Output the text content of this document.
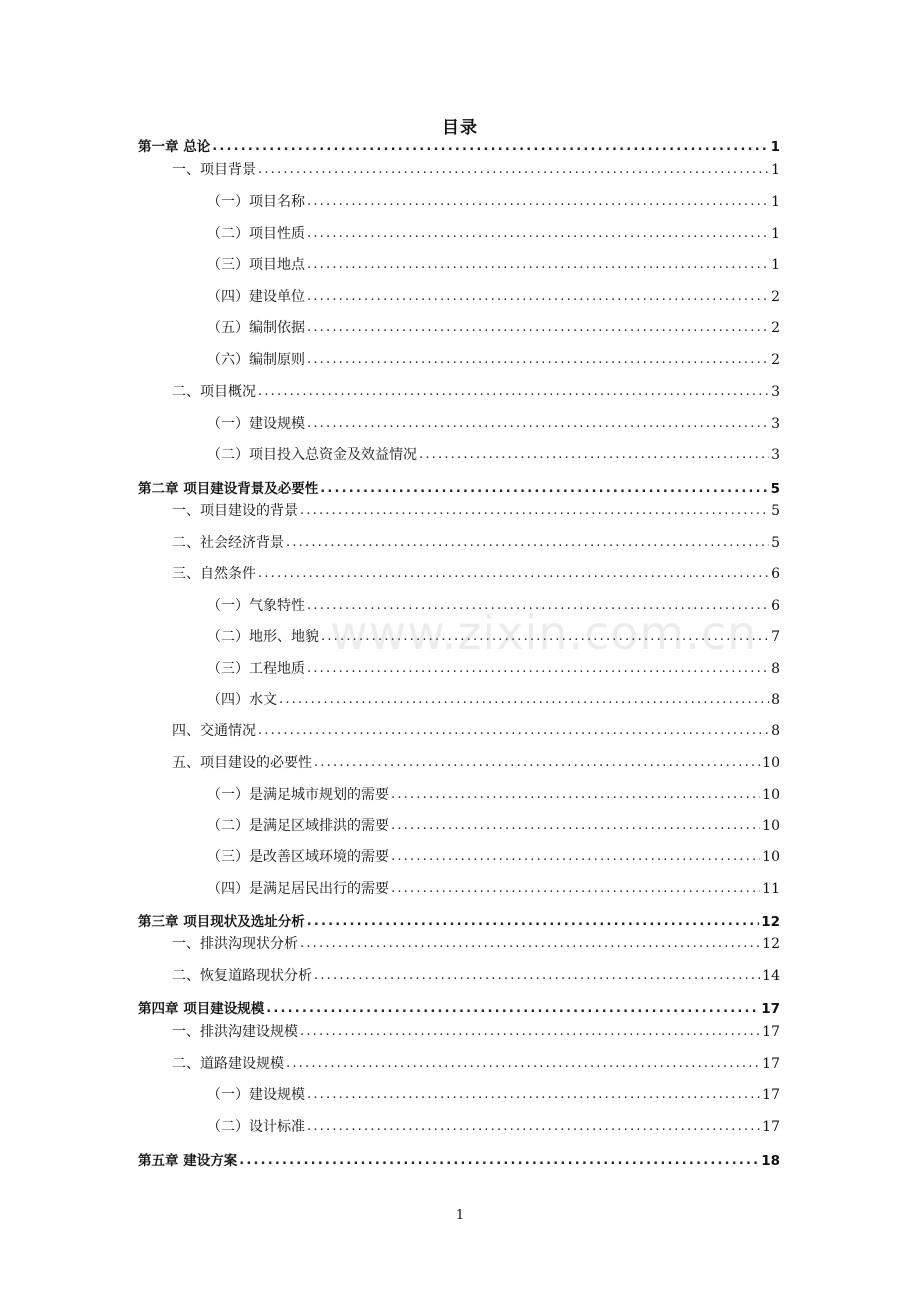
目录
第一章 总论 .....	1
一、项目背景 .....	1
（一）项目名称 .....	1
（二）项目性质 .....	1
（三）项目地点 .....	1
（四）建设单位 .....	2
（五）编制依据 .....	2
（六）编制原则 .....	2
二、项目概况 .....	3
（一）建设规模 .....	3
（二）项目投入总资金及效益情况 .....	3
第二章 项目建设背景及必要性 .....	5
一、项目建设的背景 .....	5
二、社会经济背景 .....	5
三、自然条件 .....	6
（一）气象特性 .....	6
（二）地形、地貌 .....	7
（三）工程地质 .....	8
（四）水文 .....	8
四、交通情况 .....	8
五、项目建设的必要性 .....	10
（一）是满足城市规划的需要 .....	10
（二）是满足区域排洪的需要 .....	10
（三）是改善区域环境的需要 .....	10
（四）是满足居民出行的需要 .....	11
第三章 项目现状及选址分析 .....	12
一、排洪沟现状分析 .....	12
二、恢复道路现状分析 .....	14
第四章 项目建设规模 .....	17
一、排洪沟建设规模 .....	17
二、道路建设规模 .....	17
（一）建设规模 .....	17
（二）设计标准 .....	17
第五章 建设方案 .....	18
www.zixin.com.cn
1
